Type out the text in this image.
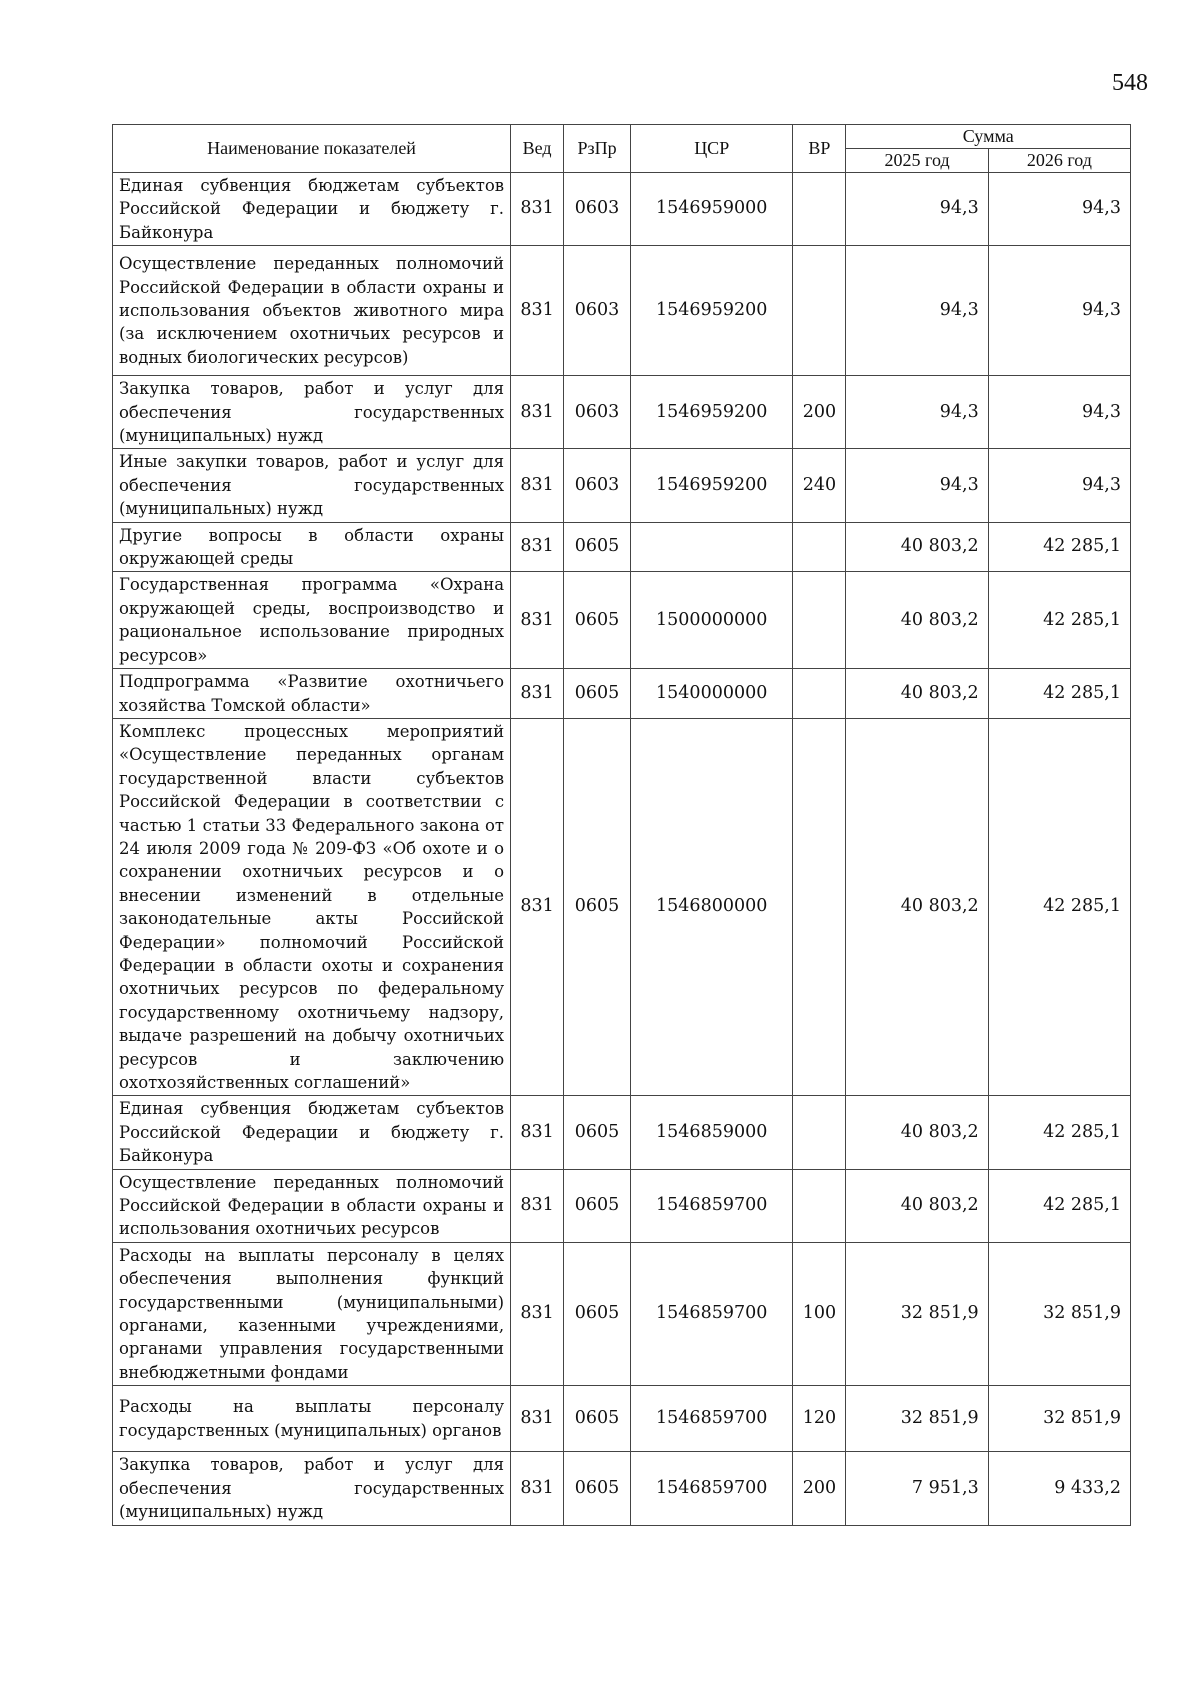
548
Наименование показателей	Вед	РзПр	ЦСР	ВР	Сумма	
					2025 год	2026 год
Единая субвенция бюджетам субъектов Российской Федерации и бюджету г. Байконура	831	0603	1546959000		94,3	94,3
Осуществление переданных полномочий Российской Федерации в области охраны и использования объектов животного мира (за исключением охотничьих ресурсов и водных биологических ресурсов)	831	0603	1546959200		94,3	94,3
Закупка товаров, работ и услуг для обеспечения государственных (муниципальных) нужд	831	0603	1546959200	200	94,3	94,3
Иные закупки товаров, работ и услуг для обеспечения государственных (муниципальных) нужд	831	0603	1546959200	240	94,3	94,3
Другие вопросы в области охраны окружающей среды	831	0605			40 803,2	42 285,1
Государственная программа «Охрана окружающей среды, воспроизводство и рациональное использование природных ресурсов»	831	0605	1500000000		40 803,2	42 285,1
Подпрограмма «Развитие охотничьего хозяйства Томской области»	831	0605	1540000000		40 803,2	42 285,1
Комплекс процессных мероприятий «Осуществление переданных органам государственной власти субъектов Российской Федерации в соответствии с частью 1 статьи 33 Федерального закона от 24 июля 2009 года № 209-ФЗ «Об охоте и о сохранении охотничьих ресурсов и о внесении изменений в отдельные законодательные акты Российской Федерации» полномочий Российской Федерации в области охоты и сохранения охотничьих ресурсов по федеральному государственному охотничьему надзору, выдаче разрешений на добычу охотничьих ресурсов и заключению охотхозяйственных соглашений»	831	0605	1546800000		40 803,2	42 285,1
Единая субвенция бюджетам субъектов Российской Федерации и бюджету г. Байконура	831	0605	1546859000		40 803,2	42 285,1
Осуществление переданных полномочий Российской Федерации в области охраны и использования охотничьих ресурсов	831	0605	1546859700		40 803,2	42 285,1
Расходы на выплаты персоналу в целях обеспечения выполнения функций государственными (муниципальными) органами, казенными учреждениями, органами управления государственными внебюджетными фондами	831	0605	1546859700	100	32 851,9	32 851,9
Расходы на выплаты персоналу государственных (муниципальных) органов	831	0605	1546859700	120	32 851,9	32 851,9
Закупка товаров, работ и услуг для обеспечения государственных (муниципальных) нужд	831	0605	1546859700	200	7 951,3	9 433,2
